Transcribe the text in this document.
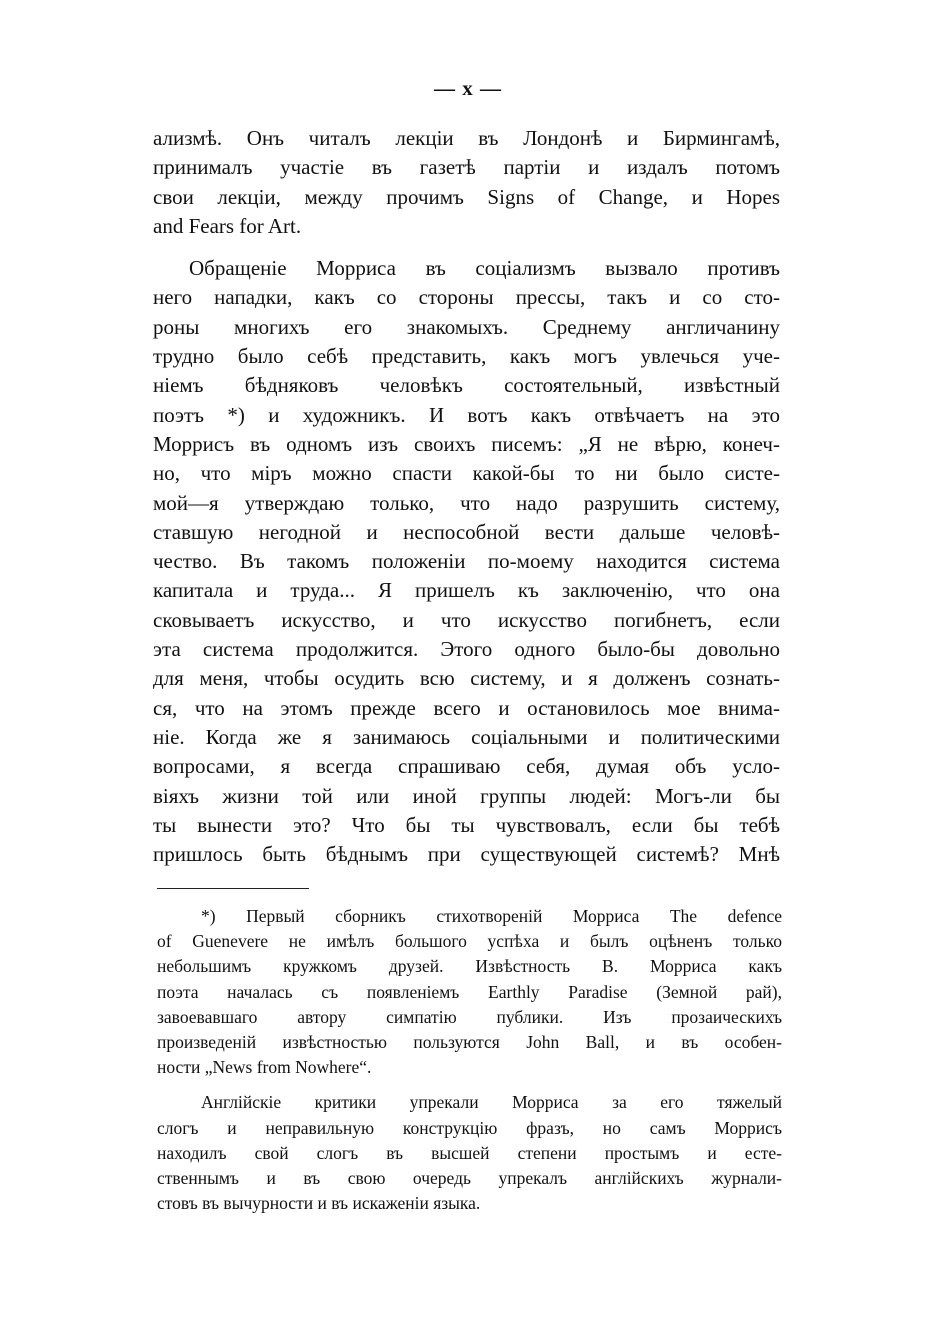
— x —
ализмѣ. Онъ читалъ лекціи въ Лондонѣ и Бирмингамѣ,
принималъ участіе въ газетѣ партіи и издалъ потомъ
свои лекціи, между прочимъ Signs of Change, и Hopes
and Fears for Art.
Обращеніе Морриса въ соціализмъ вызвало противъ
него нападки, какъ со стороны прессы, такъ и со сто-
роны многихъ его знакомыхъ. Среднему англичанину
трудно было себѣ представить, какъ могъ увлечься уче-
ніемъ бѣдняковъ человѣкъ состоятельный, извѣстный
поэтъ *) и художникъ. И вотъ какъ отвѣчаетъ на это
Моррисъ въ одномъ изъ своихъ писемъ: „Я не вѣрю, конеч-
но, что міръ можно спасти какой-бы то ни было систе-
мой—я утверждаю только, что надо разрушить систему,
ставшую негодной и неспособной вести дальше человѣ-
чество. Въ такомъ положеніи по-моему находится система
капитала и труда... Я пришелъ къ заключенію, что она
сковываетъ искусство, и что искусство погибнетъ, если
эта система продолжится. Этого одного было-бы довольно
для меня, чтобы осудить всю систему, и я долженъ сознать-
ся, что на этомъ прежде всего и остановилось мое внима-
ніе. Когда же я занимаюсь соціальными и политическими
вопросами, я всегда спрашиваю себя, думая объ усло-
віяхъ жизни той или иной группы людей: Могъ-ли бы
ты вынести это? Что бы ты чувствовалъ, если бы тебѣ
пришлось быть бѣднымъ при существующей системѣ? Мнѣ
*) Первый сборникъ стихотвореній Морриса The defence
of Guenevere не имѣлъ большого успѣха и былъ оцѣненъ только
небольшимъ кружкомъ друзей. Извѣстность В. Морриса какъ
поэта началась съ появленіемъ Earthly Paradise (Земной рай),
завоевавшаго автору симпатію публики. Изъ прозаическихъ
произведеній извѣстностью пользуются John Ball, и въ особен-
ности „News from Nowhere“.
Англійскіе критики упрекали Морриса за его тяжелый
слогъ и неправильную конструкцію фразъ, но самъ Моррисъ
находилъ свой слогъ въ высшей степени простымъ и есте-
ственнымъ и въ свою очередь упрекалъ англійскихъ журнали-
стовъ въ вычурности и въ искаженіи языка.
